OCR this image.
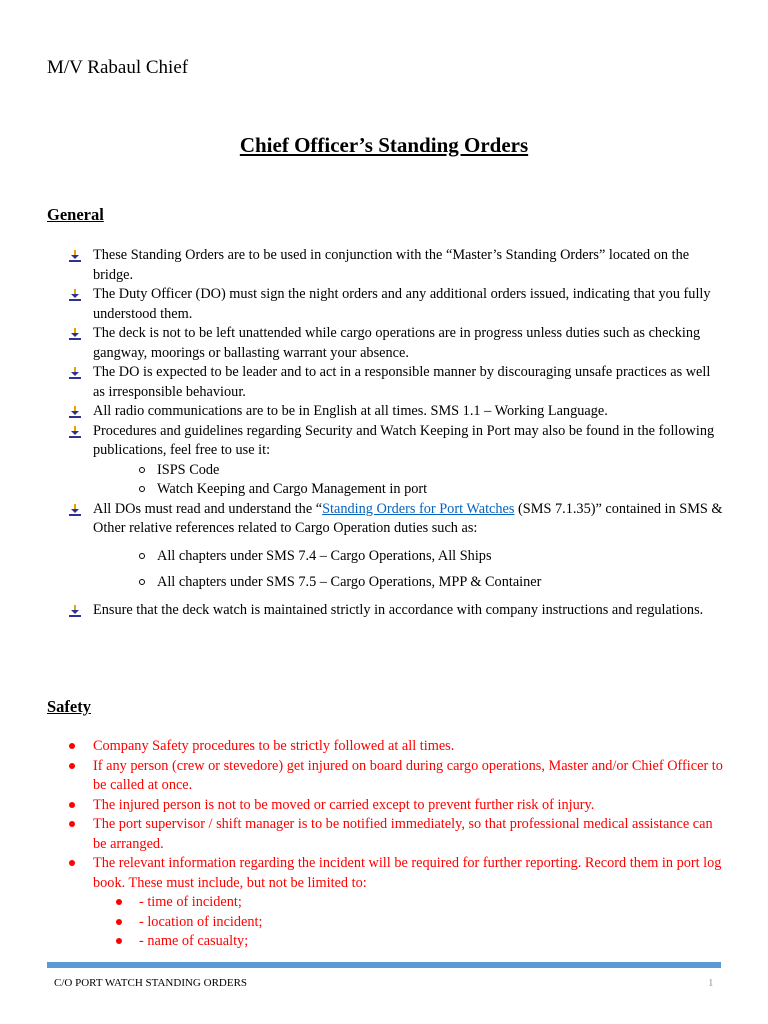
M/V Rabaul Chief
Chief Officer’s Standing Orders
General
These Standing Orders are to be used in conjunction with the “Master’s Standing Orders” located on the bridge.
The Duty Officer (DO) must sign the night orders and any additional orders issued, indicating that you fully understood them.
The deck is not to be left unattended while cargo operations are in progress unless duties such as checking gangway, moorings or ballasting warrant your absence.
The DO is expected to be leader and to act in a responsible manner by discouraging unsafe practices as well as irresponsible behaviour.
All radio communications are to be in English at all times. SMS 1.1 – Working Language.
Procedures and guidelines regarding Security and Watch Keeping in Port may also be found in the following publications, feel free to use it:
ISPS Code
Watch Keeping and Cargo Management in port
All DOs must read and understand the “Standing Orders for Port Watches (SMS 7.1.35)” contained in SMS & Other relative references related to Cargo Operation duties such as:
All chapters under SMS 7.4 – Cargo Operations, All Ships
All chapters under SMS 7.5 – Cargo Operations, MPP & Container
Ensure that the deck watch is maintained strictly in accordance with company instructions and regulations.
Safety
Company Safety procedures to be strictly followed at all times.
If any person (crew or stevedore) get injured on board during cargo operations, Master and/or Chief Officer to be called at once.
The injured person is not to be moved or carried except to prevent further risk of injury.
The port supervisor / shift manager is to be notified immediately, so that professional medical assistance can be arranged.
The relevant information regarding the incident will be required for further reporting. Record them in port log book. These must include, but not be limited to:
- time of incident;
- location of incident;
- name of casualty;
C/O PORT WATCH STANDING ORDERS	1
